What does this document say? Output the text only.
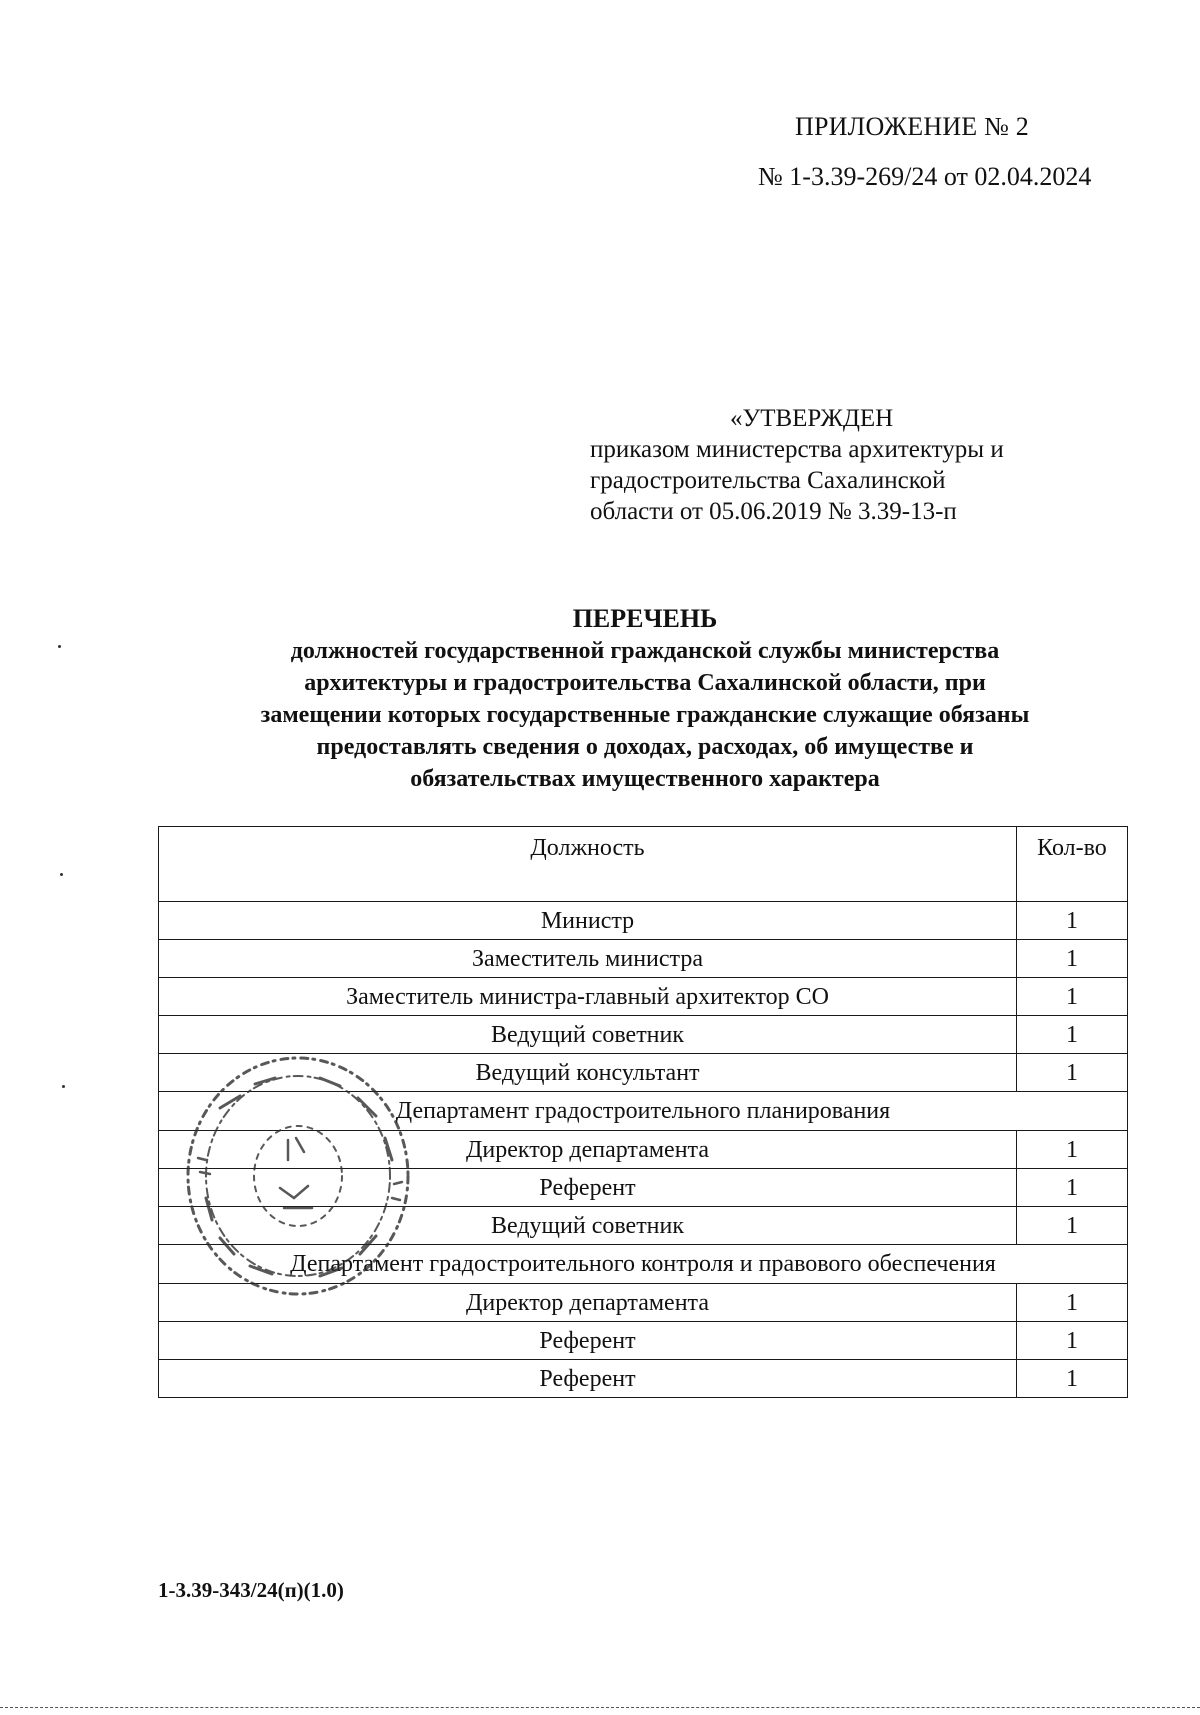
ПРИЛОЖЕНИЕ № 2
№ 1-3.39-269/24 от 02.04.2024
«УТВЕРЖДЕН
приказом министерства архитектуры и
градостроительства Сахалинской
области от 05.06.2019 № 3.39-13-п
ПЕРЕЧЕНЬ
должностей государственной гражданской службы министерства
архитектуры и градостроительства Сахалинской области, при
замещении которых государственные гражданские служащие обязаны
предоставлять сведения о доходах, расходах, об имуществе и
обязательствах имущественного характера
Должность	Кол-во
Министр	1
Заместитель министра	1
Заместитель министра-главный архитектор СО	1
Ведущий советник	1
Ведущий консультант	1
Департамент градостроительного планирования	
Директор департамента	1
Референт	1
Ведущий советник	1
Департамент градостроительного контроля и правового обеспечения	
Директор департамента	1
Референт	1
Референт	1
1-3.39-343/24(п)(1.0)
